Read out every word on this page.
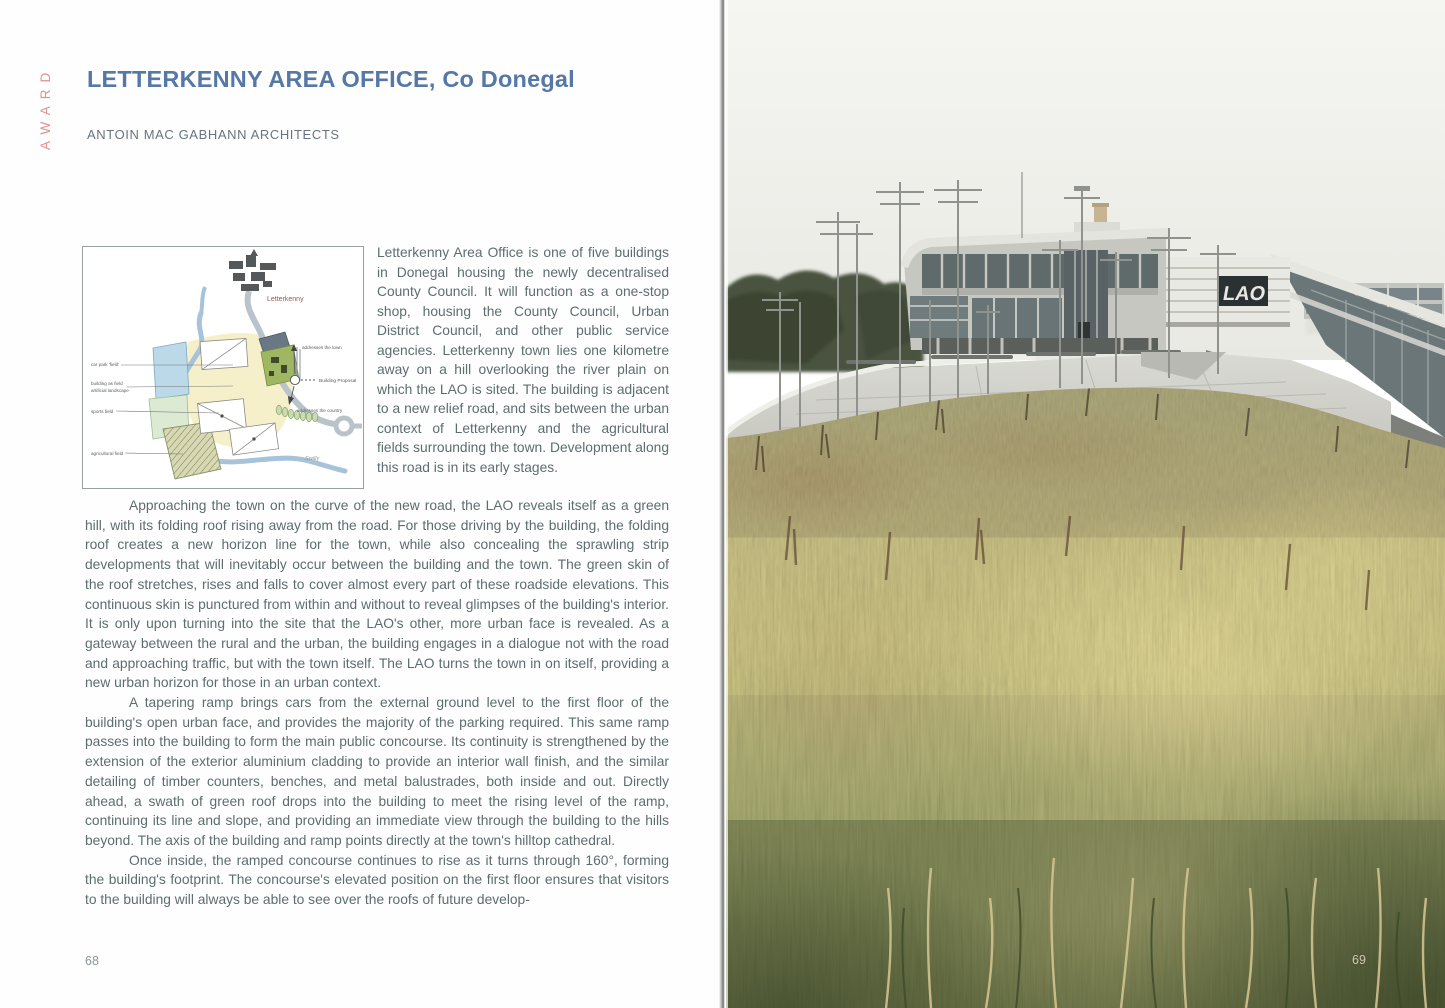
AWARD LETTERKENNY AREA OFFICE, Co Donegal
ANTOIN MAC GABHANN ARCHITECTS
car park 'field'
building as field
artificial landscape
sports field
agricultural field
addresses the town
Building Proposal
addresses the country
Letterkenny
Swilly
Letterkenny Area Office is one of five buildings in Donegal housing the newly decentralised County Council. It will function as a one-stop shop, housing the County Council, Urban District Council, and other public service agencies. Letterkenny town lies one kilometre away on a hill overlooking the river plain on which the LAO is sited. The building is adjacent to a new relief road, and sits between the urban context of Letterkenny and the agricultural fields surrounding the town. Development along this road is in its early stages.

Approaching the town on the curve of the new road, the LAO reveals itself as a green hill, with its folding roof rising away from the road. For those driving by the building, the folding roof creates a new horizon line for the town, while also concealing the sprawling strip developments that will inevitably occur between the building and the town. The green skin of the roof stretches, rises and falls to cover almost every part of these roadside elevations. This continuous skin is punctured from within and without to reveal glimpses of the building's interior. It is only upon turning into the site that the LAO's other, more urban face is revealed. As a gateway between the rural and the urban, the building engages in a dialogue not with the road and approaching traffic, but with the town itself. The LAO turns the town in on itself, providing a new urban horizon for those in an urban context.

A tapering ramp brings cars from the external ground level to the first floor of the building's open urban face, and provides the majority of the parking required. This same ramp passes into the building to form the main public concourse. Its continuity is strengthened by the extension of the exterior aluminium cladding to provide an interior wall finish, and the similar detailing of timber counters, benches, and metal balustrades, both inside and out. Directly ahead, a swath of green roof drops into the building to meet the rising level of the ramp, continuing its line and slope, and providing an immediate view through the building to the hills beyond. The axis of the building and ramp points directly at the town's hilltop cathedral.

Once inside, the ramped concourse continues to rise as it turns through 160°, forming the building's footprint. The concourse's elevated position on the first floor ensures that visitors to the building will always be able to see over the roofs of future develop-

68
LAO
69
